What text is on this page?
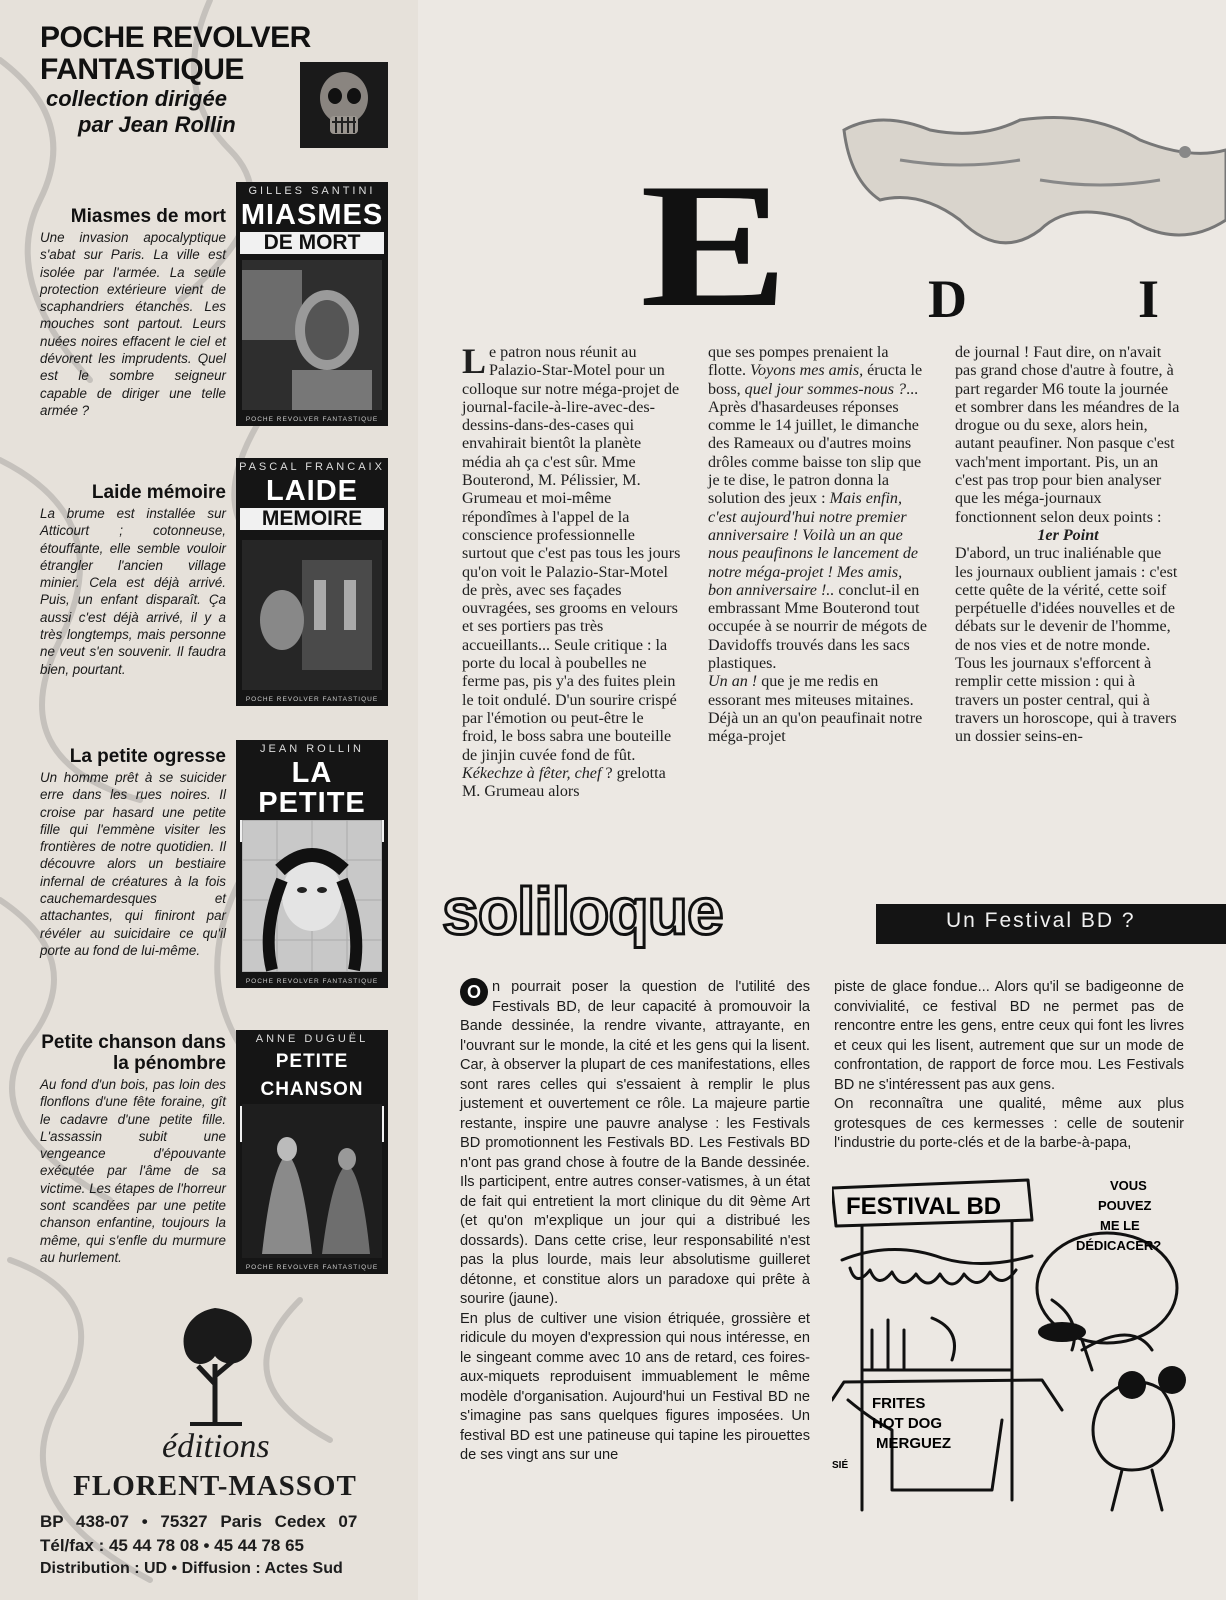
POCHE REVOLVER
FANTASTIQUE
collection dirigée
par Jean Rollin
Miasmes de mort

Une invasion apocalyptique s'abat sur Paris. La ville est isolée par l'armée. La seule protection extérieure vient de scaphandriers étanches. Les mouches sont partout. Leurs nuées noires effacent le ciel et dévorent les imprudents. Quel est le sombre seigneur capable de diriger une telle armée ?

GILLES SANTINI
MIASMES
DE MORT
POCHE REVOLVER FANTASTIQUE
Laide mémoire

La brume est installée sur Atticourt ; cotonneuse, étouffante, elle semble vouloir étrangler l'ancien village minier. Cela est déjà arrivé. Puis, un enfant disparaît. Ça aussi c'est déjà arrivé, il y a très longtemps, mais personne ne veut s'en souvenir. Il faudra bien, pourtant.

PASCAL FRANCAIX
LAIDE
MEMOIRE
POCHE REVOLVER FANTASTIQUE
La petite ogresse

Un homme prêt à se suicider erre dans les rues noires. Il croise par hasard une petite fille qui l'emmène visiter les frontières de notre quotidien. Il découvre alors un bestiaire infernal de créatures à la fois cauchemardesques et attachantes, qui finiront par révéler au suicidaire ce qu'il porte au fond de lui-même.

JEAN ROLLIN
LA PETITE
POCHE REVOLVER FANTASTIQUE
Petite chanson dans la pénombre

Au fond d'un bois, pas loin des flonflons d'une fête foraine, gît le cadavre d'une petite fille. L'assassin subit une vengeance d'épouvante exécutée par l'âme de sa victime. Les étapes de l'horreur sont scandées par une petite chanson enfantine, toujours la même, qui s'enfle du murmure au hurlement.

ANNE DUGUËL
PETITE CHANSON
POCHE REVOLVER FANTASTIQUE
éditions
FLORENT-MASSOT
BP 438-07 • 75327 Paris Cedex 07
Tél/fax : 45 44 78 08 • 45 44 78 65
Distribution : UD • Diffusion : Actes Sud
E	D	I
Le patron nous réunit au Palazio-Star-Motel pour un colloque sur notre méga-projet de journal-facile-à-lire-avec-des-dessins-dans-des-cases qui envahirait bientôt la planète média ah ça c'est sûr. Mme Bouterond, M. Pélissier, M. Grumeau et moi-même répondîmes à l'appel de la conscience professionnelle surtout que c'est pas tous les jours qu'on voit le Palazio-Star-Motel de près, avec ses façades ouvragées, ses grooms en velours et ses portiers pas très accueillants... Seule critique : la porte du local à poubelles ne ferme pas, pis y'a des fuites plein le toit ondulé. D'un sourire crispé par l'émotion ou peut-être le froid, le boss sabra une bouteille de jinjin cuvée fond de fût. Kékechze à fêter, chef ? grelotta M. Grumeau alors
que ses pompes prenaient la flotte. Voyons mes amis, éructa le boss, quel jour sommes-nous ?... Après d'hasardeuses réponses comme le 14 juillet, le dimanche des Rameaux ou d'autres moins drôles comme baisse ton slip que je te dise, le patron donna la solution des jeux : Mais enfin, c'est aujourd'hui notre premier anniversaire ! Voilà un an que nous peaufinons le lancement de notre méga-projet ! Mes amis, bon anniversaire !.. conclut-il en embrassant Mme Bouterond tout occupée à se nourrir de mégots de Davidoffs trouvés dans les sacs plastiques.
Un an ! que je me redis en essorant mes miteuses mitaines. Déjà un an qu'on peaufinait notre méga-projet
de journal ! Faut dire, on n'avait pas grand chose d'autre à foutre, à part regarder M6 toute la journée et sombrer dans les méandres de la drogue ou du sexe, alors hein, autant peaufiner. Non pasque c'est vach'ment important. Pis, un an c'est pas trop pour bien analyser que les méga-journaux fonctionnent selon deux points :
1er Point
D'abord, un truc inaliénable que les journaux oublient jamais : c'est cette quête de la vérité, cette soif perpétuelle d'idées nouvelles et de débats sur le devenir de l'homme, de nos vies et de notre monde. Tous les journaux s'efforcent à remplir cette mission : qui à travers un poster central, qui à travers un horoscope, qui à travers un dossier seins-en-
soliloque	Un Festival BD ?
O n pourrait poser la question de l'utilité des Festivals BD, de leur capacité à promouvoir la Bande dessinée, la rendre vivante, attrayante, en l'ouvrant sur le monde, la cité et les gens qui la lisent. Car, à observer la plupart de ces manifestations, elles sont rares celles qui s'essaient à remplir le plus justement et ouvertement ce rôle. La majeure partie restante, inspire une pauvre analyse : les Festivals BD promotionnent les Festivals BD. Les Festivals BD n'ont pas grand chose à foutre de la Bande dessinée. Ils participent, entre autres conser-vatismes, à un état de fait qui entretient la mort clinique du dit 9ème Art (et qu'on m'explique un jour qui a distribué les dossards). Dans cette crise, leur responsabilité n'est pas la plus lourde, mais leur absolutisme guilleret détonne, et constitue alors un paradoxe qui prête à sourire (jaune).
En plus de cultiver une vision étriquée, grossière et ridicule du moyen d'expression qui nous intéresse, en le singeant comme avec 10 ans de retard, ces foires-aux-miquets reproduisent immuablement le même modèle d'organisation. Aujourd'hui un Festival BD ne s'imagine pas sans quelques figures imposées. Un festival BD est une patineuse qui tapine les pirouettes de ses vingt ans sur une
piste de glace fondue... Alors qu'il se badigeonne de convivialité, ce festival BD ne permet pas de rencontre entre les gens, entre ceux qui font les livres et ceux qui les lisent, autrement que sur un mode de confrontation, de rapport de force mou. Les Festivals BD ne s'intéressent pas aux gens.
On reconnaîtra une qualité, même aux plus grotesques de ces kermesses : celle de soutenir l'industrie du porte-clés et de la barbe-à-papa,
FESTIVAL BD
VOUS
POUVEZ
ME LE
DÉDICACER?
FRITES
HOT DOG
MERGUEZ
SIÉ
